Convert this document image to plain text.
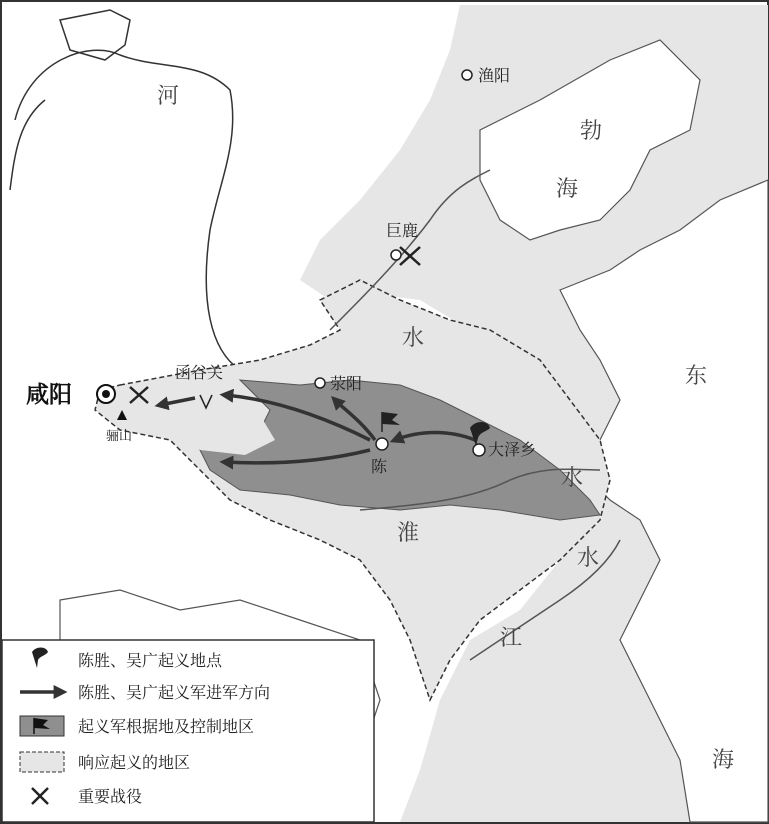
河
勃
海
水
东
水
淮
水
江
海
渔阳
巨鹿
函谷关
荥阳
咸阳
骊山
陈
大泽乡
陈胜、吴广起义地点
陈胜、吴广起义军进军方向
起义军根据地及控制地区
响应起义的地区
重要战役
